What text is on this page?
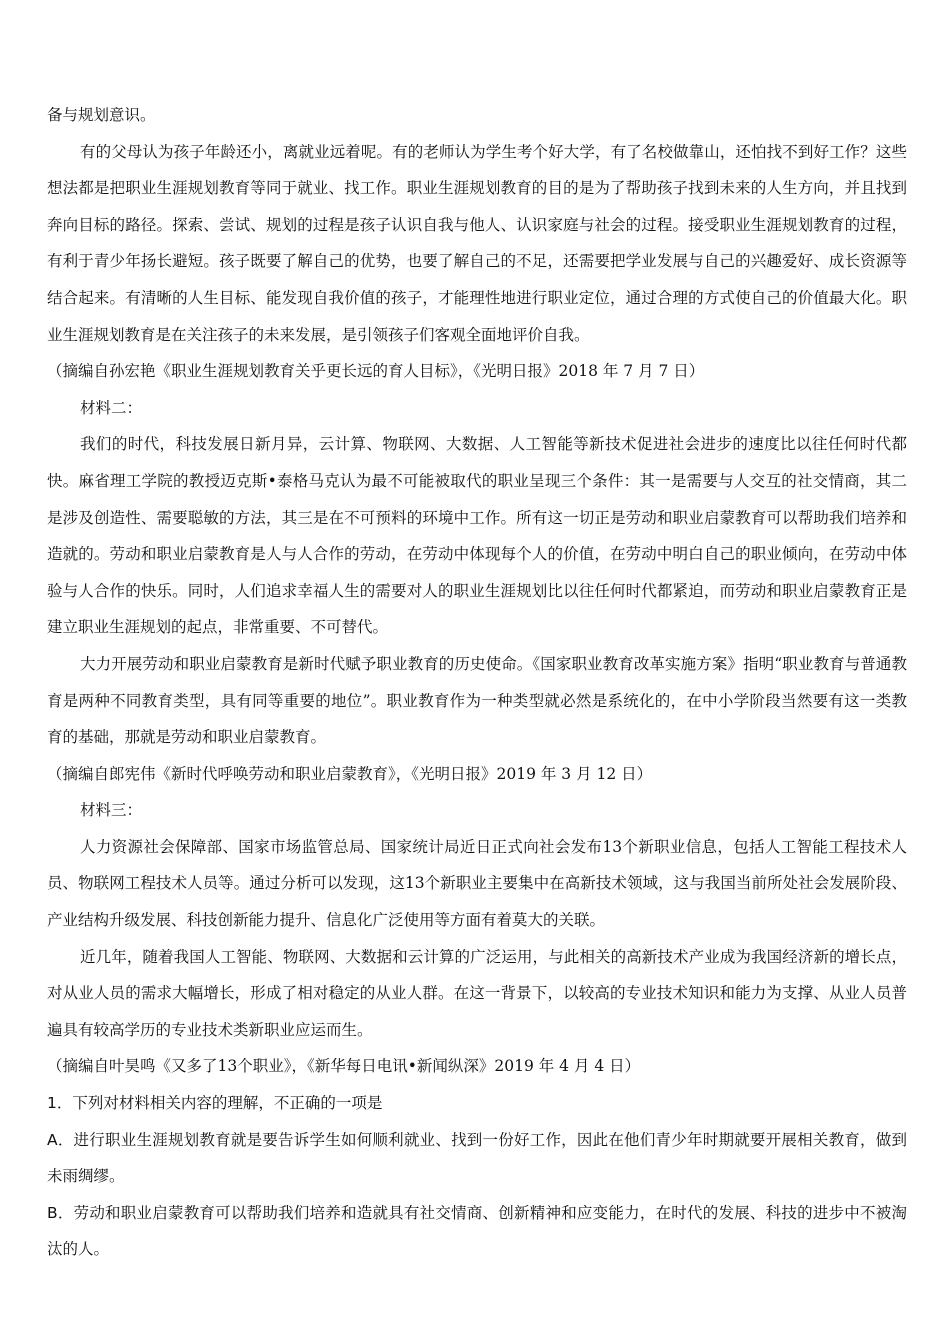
备与规划意识。

有的父母认为孩子年龄还小，离就业远着呢。有的老师认为学生考个好大学，有了名校做靠山，还怕找不到好工作？这些想法都是把职业生涯规划教育等同于就业、找工作。职业生涯规划教育的目的是为了帮助孩子找到未来的人生方向，并且找到奔向目标的路径。探索、尝试、规划的过程是孩子认识自我与他人、认识家庭与社会的过程。接受职业生涯规划教育的过程，有利于青少年扬长避短。孩子既要了解自己的优势，也要了解自己的不足，还需要把学业发展与自己的兴趣爱好、成长资源等结合起来。有清晰的人生目标、能发现自我价值的孩子，才能理性地进行职业定位，通过合理的方式使自己的价值最大化。职业生涯规划教育是在关注孩子的未来发展，是引领孩子们客观全面地评价自我。

（摘编自孙宏艳《职业生涯规划教育关乎更长远的育人目标》，《光明日报》2018 年 7 月 7 日）

材料二：

我们的时代，科技发展日新月异，云计算、物联网、大数据、人工智能等新技术促进社会进步的速度比以往任何时代都快。麻省理工学院的教授迈克斯•泰格马克认为最不可能被取代的职业呈现三个条件：其一是需要与人交互的社交情商，其二是涉及创造性、需要聪敏的方法，其三是在不可预料的环境中工作。所有这一切正是劳动和职业启蒙教育可以帮助我们培养和造就的。劳动和职业启蒙教育是人与人合作的劳动，在劳动中体现每个人的价值，在劳动中明白自己的职业倾向，在劳动中体验与人合作的快乐。同时，人们追求幸福人生的需要对人的职业生涯规划比以往任何时代都紧迫，而劳动和职业启蒙教育正是建立职业生涯规划的起点，非常重要、不可替代。

大力开展劳动和职业启蒙教育是新时代赋予职业教育的历史使命。《国家职业教育改革实施方案》指明“职业教育与普通教育是两种不同教育类型，具有同等重要的地位”。职业教育作为一种类型就必然是系统化的，在中小学阶段当然要有这一类教育的基础，那就是劳动和职业启蒙教育。

（摘编自郎宪伟《新时代呼唤劳动和职业启蒙教育》，《光明日报》2019 年 3 月 12 日）

材料三：

人力资源社会保障部、国家市场监管总局、国家统计局近日正式向社会发布13个新职业信息，包括人工智能工程技术人员、物联网工程技术人员等。通过分析可以发现，这13个新职业主要集中在高新技术领域，这与我国当前所处社会发展阶段、产业结构升级发展、科技创新能力提升、信息化广泛使用等方面有着莫大的关联。

近几年，随着我国人工智能、物联网、大数据和云计算的广泛运用，与此相关的高新技术产业成为我国经济新的增长点，对从业人员的需求大幅增长，形成了相对稳定的从业人群。在这一背景下，以较高的专业技术知识和能力为支撑、从业人员普遍具有较高学历的专业技术类新职业应运而生。

（摘编自叶昊鸣《又多了13个职业》，《新华每日电讯•新闻纵深》2019 年 4 月 4 日）

1．下列对材料相关内容的理解，不正确的一项是

A．进行职业生涯规划教育就是要告诉学生如何顺利就业、找到一份好工作，因此在他们青少年时期就要开展相关教育，做到未雨绸缪。

B．劳动和职业启蒙教育可以帮助我们培养和造就具有社交情商、创新精神和应变能力，在时代的发展、科技的进步中不被淘汰的人。
